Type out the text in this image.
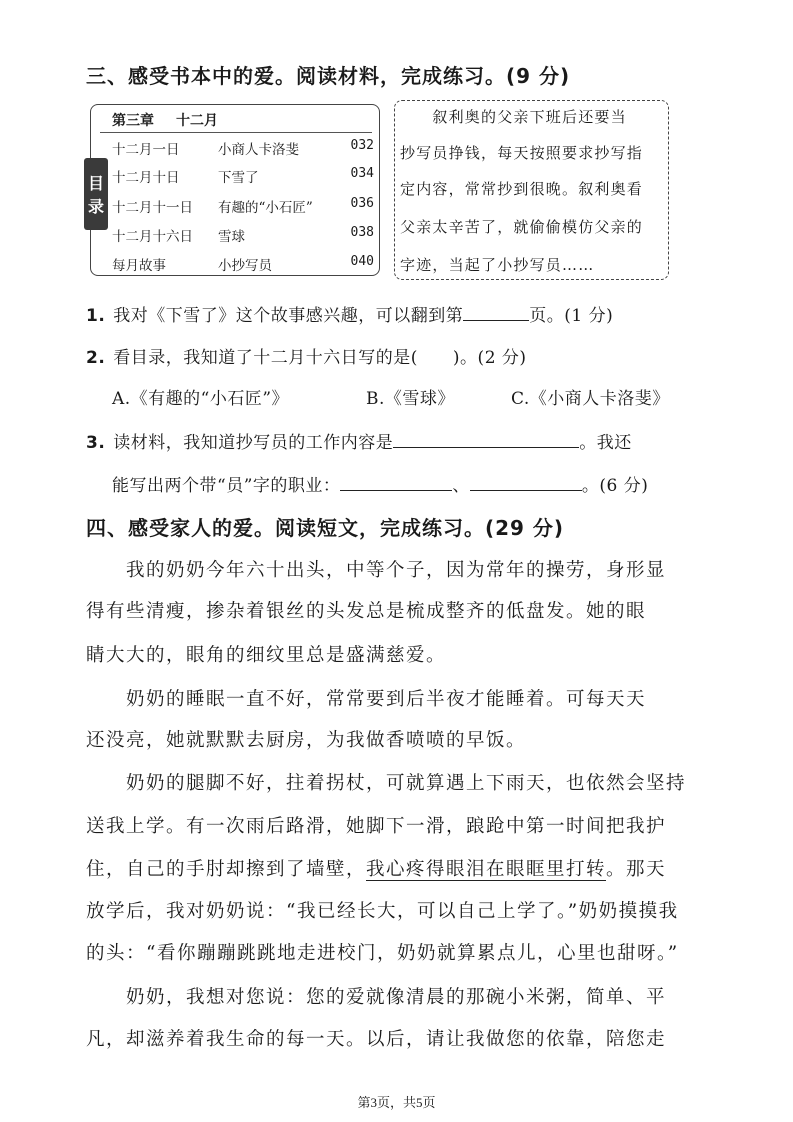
三、感受书本中的爱。阅读材料，完成练习。(9 分)
第三章 十二月
目
录
十二月一日	小商人卡洛斐	032
十二月十日	下雪了	034
十二月十一日 有趣的“小石匠”	036
十二月十六日 雪球	038
每月故事	小抄写员	040
　　叙利奥的父亲下班后还要当
抄写员挣钱，每天按照要求抄写指
定内容，常常抄到很晚。叙利奥看
父亲太辛苦了，就偷偷模仿父亲的
字迹，当起了小抄写员……
1. 我对《下雪了》这个故事感兴趣，可以翻到第	页。(1 分)
2. 看目录，我知道了十二月十六日写的是(　　)。(2 分)
A.《有趣的“小石匠”》	B.《雪球》	C.《小商人卡洛斐》
3. 读材料，我知道抄写员的工作内容是	。我还
能写出两个带“员”字的职业：	、	。(6 分)
四、感受家人的爱。阅读短文，完成练习。(29 分)
　　我的奶奶今年六十出头，中等个子，因为常年的操劳，身形显
得有些清瘦，掺杂着银丝的头发总是梳成整齐的低盘发。她的眼
睛大大的，眼角的细纹里总是盛满慈爱。
　　奶奶的睡眠一直不好，常常要到后半夜才能睡着。可每天天
还没亮，她就默默去厨房，为我做香喷喷的早饭。
　　奶奶的腿脚不好，拄着拐杖，可就算遇上下雨天，也依然会坚持
送我上学。有一次雨后路滑，她脚下一滑，踉跄中第一时间把我护
住，自己的手肘却擦到了墙壁，我心疼得眼泪在眼眶里打转。那天
放学后，我对奶奶说：“我已经长大，可以自己上学了。”奶奶摸摸我
的头：“看你蹦蹦跳跳地走进校门，奶奶就算累点儿，心里也甜呀。”
　　奶奶，我想对您说：您的爱就像清晨的那碗小米粥，简单、平
凡，却滋养着我生命的每一天。以后，请让我做您的依靠，陪您走
第3页，共5页
